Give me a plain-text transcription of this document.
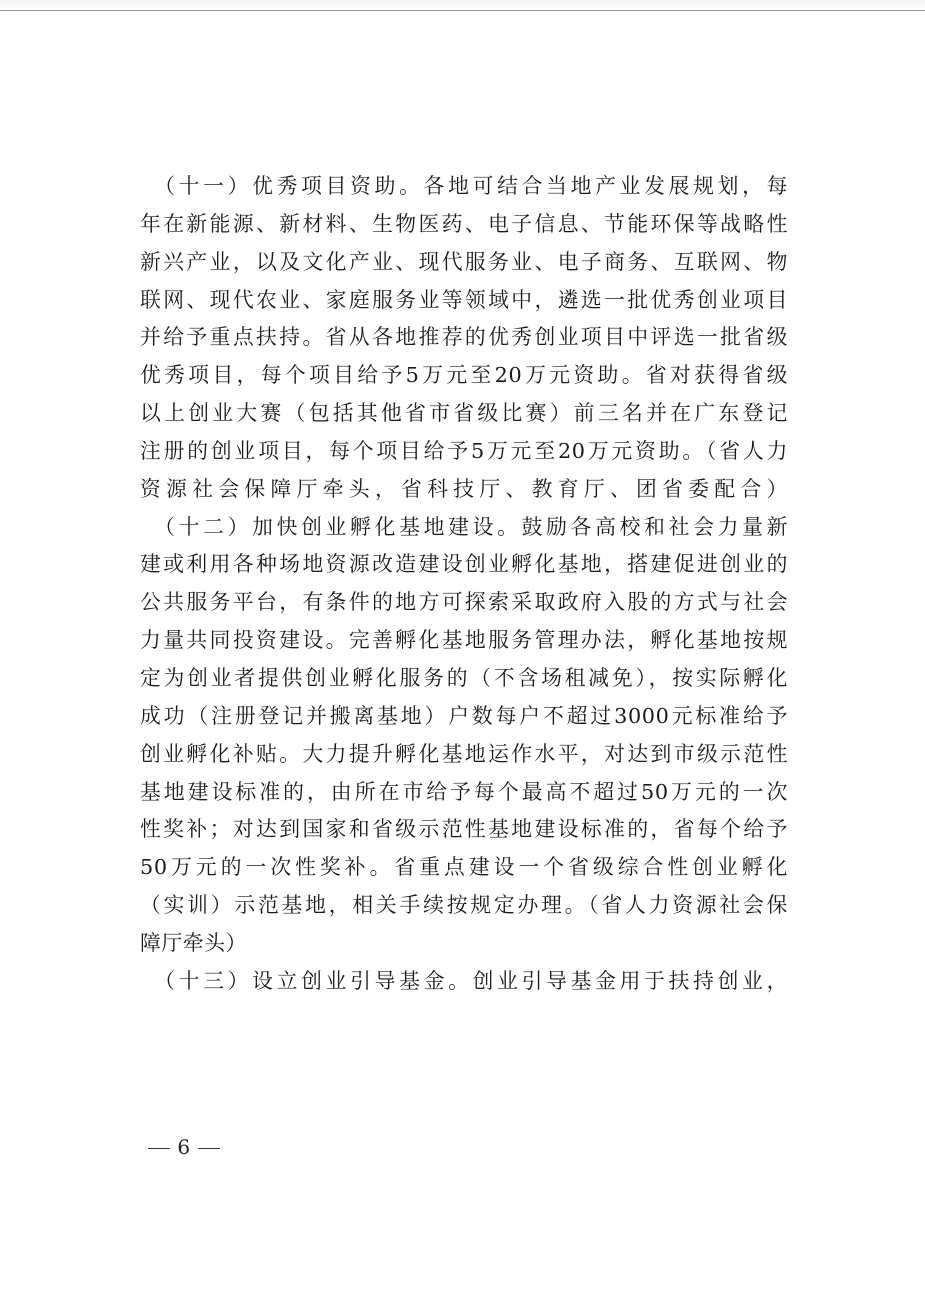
　（十一）优秀项目资助。各地可结合当地产业发展规划，每
年在新能源、新材料、生物医药、电子信息、节能环保等战略性
新兴产业，以及文化产业、现代服务业、电子商务、互联网、物
联网、现代农业、家庭服务业等领域中，遴选一批优秀创业项目
并给予重点扶持。省从各地推荐的优秀创业项目中评选一批省级
优秀项目，每个项目给予5万元至20万元资助。省对获得省级
以上创业大赛（包括其他省市省级比赛）前三名并在广东登记
注册的创业项目，每个项目给予5万元至20万元资助。（省人力
资源社会保障厅牵头，省科技厅、教育厅、团省委配合）
　（十二）加快创业孵化基地建设。鼓励各高校和社会力量新
建或利用各种场地资源改造建设创业孵化基地，搭建促进创业的
公共服务平台，有条件的地方可探索采取政府入股的方式与社会
力量共同投资建设。完善孵化基地服务管理办法，孵化基地按规
定为创业者提供创业孵化服务的（不含场租减免），按实际孵化
成功（注册登记并搬离基地）户数每户不超过3000元标准给予
创业孵化补贴。大力提升孵化基地运作水平，对达到市级示范性
基地建设标准的，由所在市给予每个最高不超过50万元的一次
性奖补；对达到国家和省级示范性基地建设标准的，省每个给予
50万元的一次性奖补。省重点建设一个省级综合性创业孵化
（实训）示范基地，相关手续按规定办理。（省人力资源社会保
障厅牵头）
　（十三）设立创业引导基金。创业引导基金用于扶持创业，
6
